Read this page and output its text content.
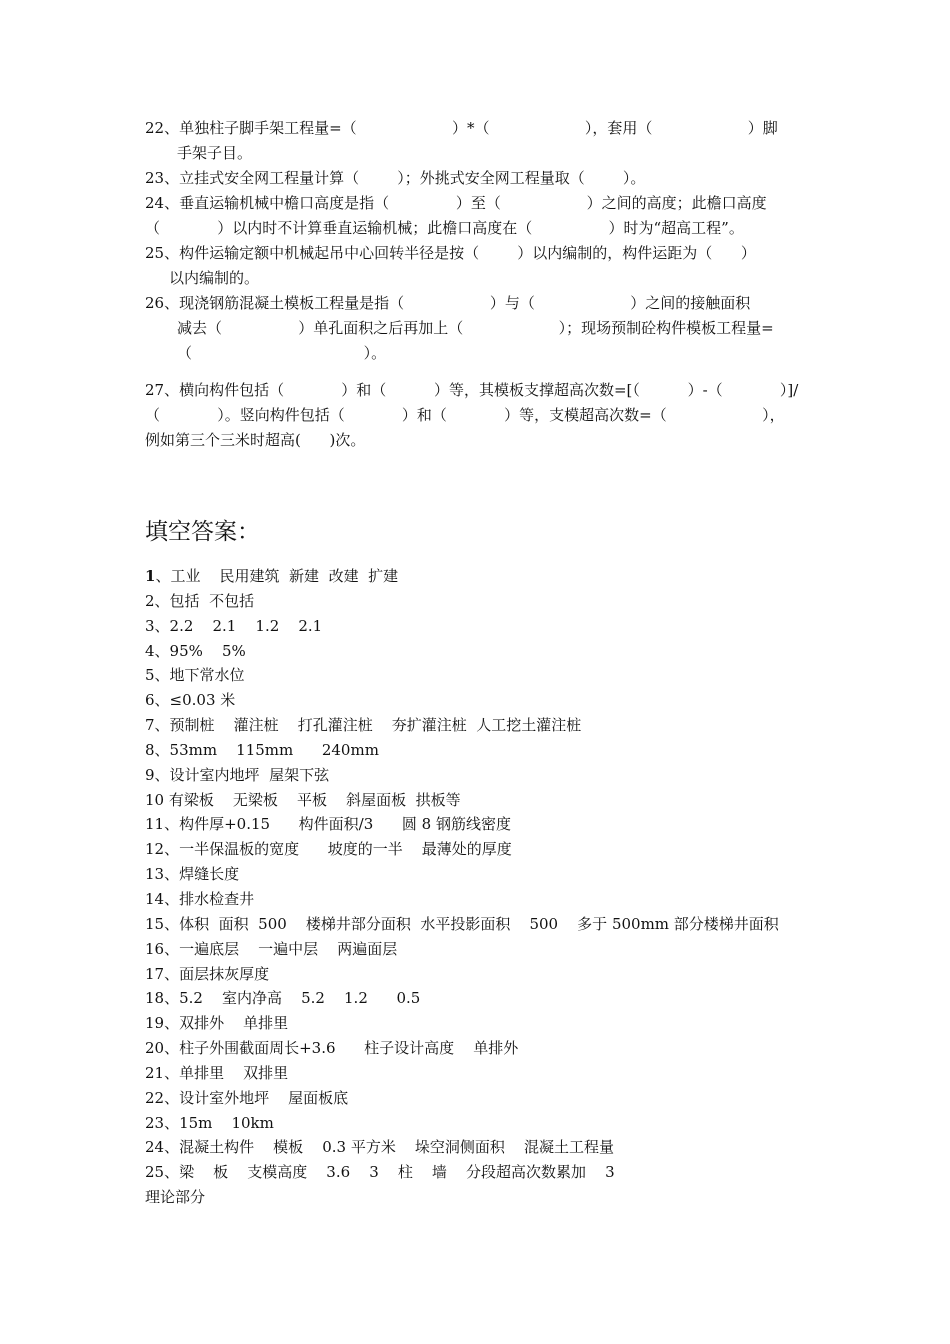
22、单独柱子脚手架工程量=（                    ）*（                    ），套用（                    ）脚
手架子目。
23、立挂式安全网工程量计算（        ）；外挑式安全网工程量取（        ）。
24、垂直运输机械中檐口高度是指（              ）至（                  ）之间的高度；此檐口高度
（            ）以内时不计算垂直运输机械；此檐口高度在（                ）时为“超高工程”。
25、构件运输定额中机械起吊中心回转半径是按（        ）以内编制的，构件运距为（      ）
以内编制的。
26、现浇钢筋混凝土模板工程量是指（                  ）与（                    ）之间的接触面积
减去（                ）单孔面积之后再加上（                    ）；现场预制砼构件模板工程量=
（                                    ）。
27、横向构件包括（            ）和（          ）等，其模板支撑超高次数=[（          ）-（            ）]/
（            ）。竖向构件包括（            ）和（            ）等，支模超高次数=（                    ），
例如第三个三米时超高(      )次。
填空答案：
1、工业    民用建筑  新建  改建  扩建
2、包括  不包括
3、2.2    2.1    1.2    2.1
4、95%    5%
5、地下常水位
6、≤0.03 米
7、预制桩    灌注桩    打孔灌注桩    夯扩灌注桩  人工挖土灌注桩
8、53mm    115mm      240mm
9、设计室内地坪  屋架下弦
10 有梁板    无梁板    平板    斜屋面板  拱板等
11、构件厚+0.15      构件面积/3      圆 8 钢筋线密度
12、一半保温板的宽度      坡度的一半    最薄处的厚度
13、焊缝长度
14、排水检查井
15、体积  面积  500    楼梯井部分面积  水平投影面积    500    多于 500mm 部分楼梯井面积
16、一遍底层    一遍中层    两遍面层
17、面层抹灰厚度
18、5.2    室内净高    5.2    1.2      0.5
19、双排外    单排里
20、柱子外围截面周长+3.6      柱子设计高度    单排外
21、单排里    双排里
22、设计室外地坪    屋面板底
23、15m    10km
24、混凝土构件    模板    0.3 平方米    垛空洞侧面积    混凝土工程量
25、梁    板    支模高度    3.6    3    柱    墙    分段超高次数累加    3
理论部分
